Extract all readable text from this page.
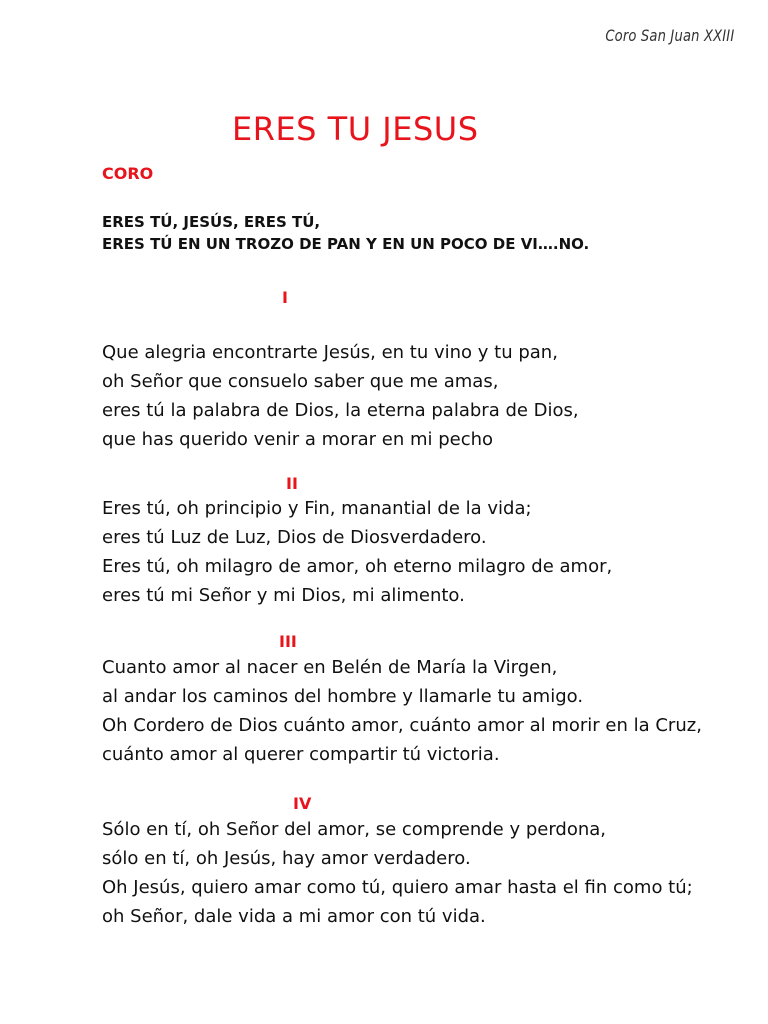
Coro San Juan XXIII
ERES TU JESUS
CORO
ERES TÚ, JESÚS, ERES TÚ,
ERES TÚ EN UN TROZO DE PAN Y EN UN POCO DE VI….NO.
I
Que alegria encontrarte Jesús, en tu vino y tu pan,
oh Señor que consuelo saber que me amas,
eres tú la palabra de Dios, la eterna palabra de Dios,
que has querido venir a morar en mi pecho
II
Eres tú, oh principio y Fin, manantial de la vida;
eres tú Luz de Luz, Dios de Diosverdadero.
Eres tú, oh milagro de amor, oh eterno milagro de amor,
eres tú mi Señor y mi Dios, mi alimento.
III
Cuanto amor al nacer en Belén de María la Virgen,
al andar los caminos del hombre y llamarle tu amigo.
Oh Cordero de Dios cuánto amor, cuánto amor al morir en la Cruz,
cuánto amor al querer compartir tú victoria.
IV
Sólo en tí, oh Señor del amor, se comprende y perdona,
sólo en tí, oh Jesús, hay amor verdadero.
Oh Jesús, quiero amar como tú, quiero amar hasta el fin como tú;
oh Señor, dale vida a mi amor con tú vida.
